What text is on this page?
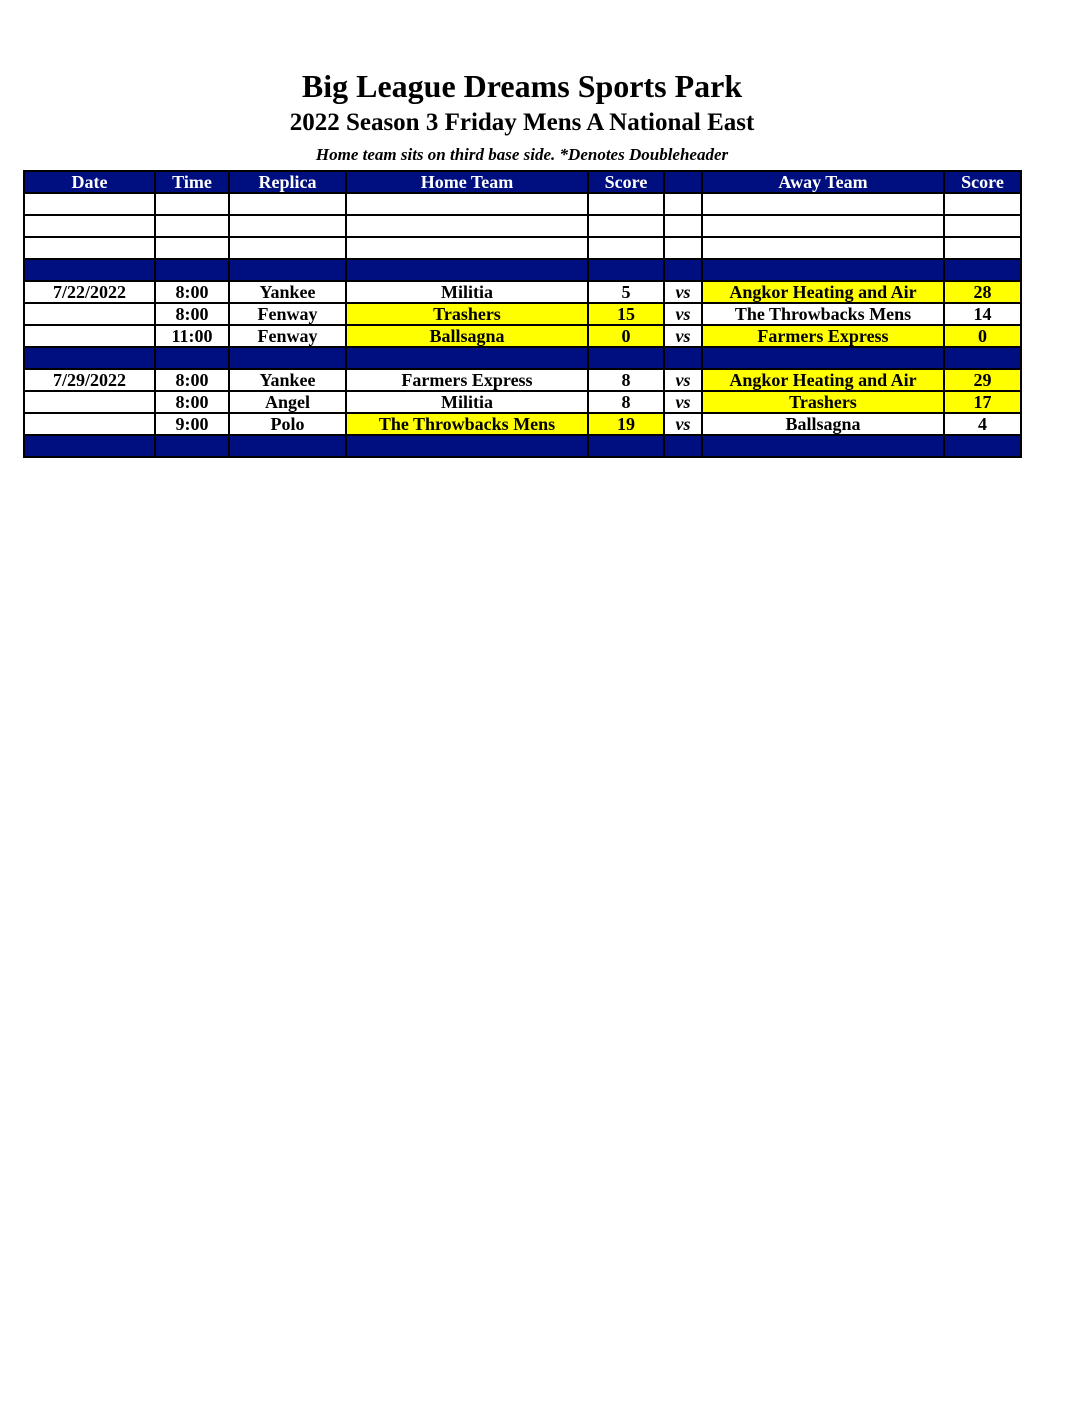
Big League Dreams Sports Park
2022 Season 3 Friday Mens A National East
Home team sits on third base side. *Denotes Doubleheader
Date	Time	Replica	Home Team	Score		Away Team	Score

7/22/2022	8:00	Yankee	Militia	5	vs	Angkor Heating and Air	28
	8:00	Fenway	Trashers	15	vs	The Throwbacks Mens	14
	11:00	Fenway	Ballsagna	0	vs	Farmers Express	0

7/29/2022	8:00	Yankee	Farmers Express	8	vs	Angkor Heating and Air	29
	8:00	Angel	Militia	8	vs	Trashers	17
	9:00	Polo	The Throwbacks Mens	19	vs	Ballsagna	4
